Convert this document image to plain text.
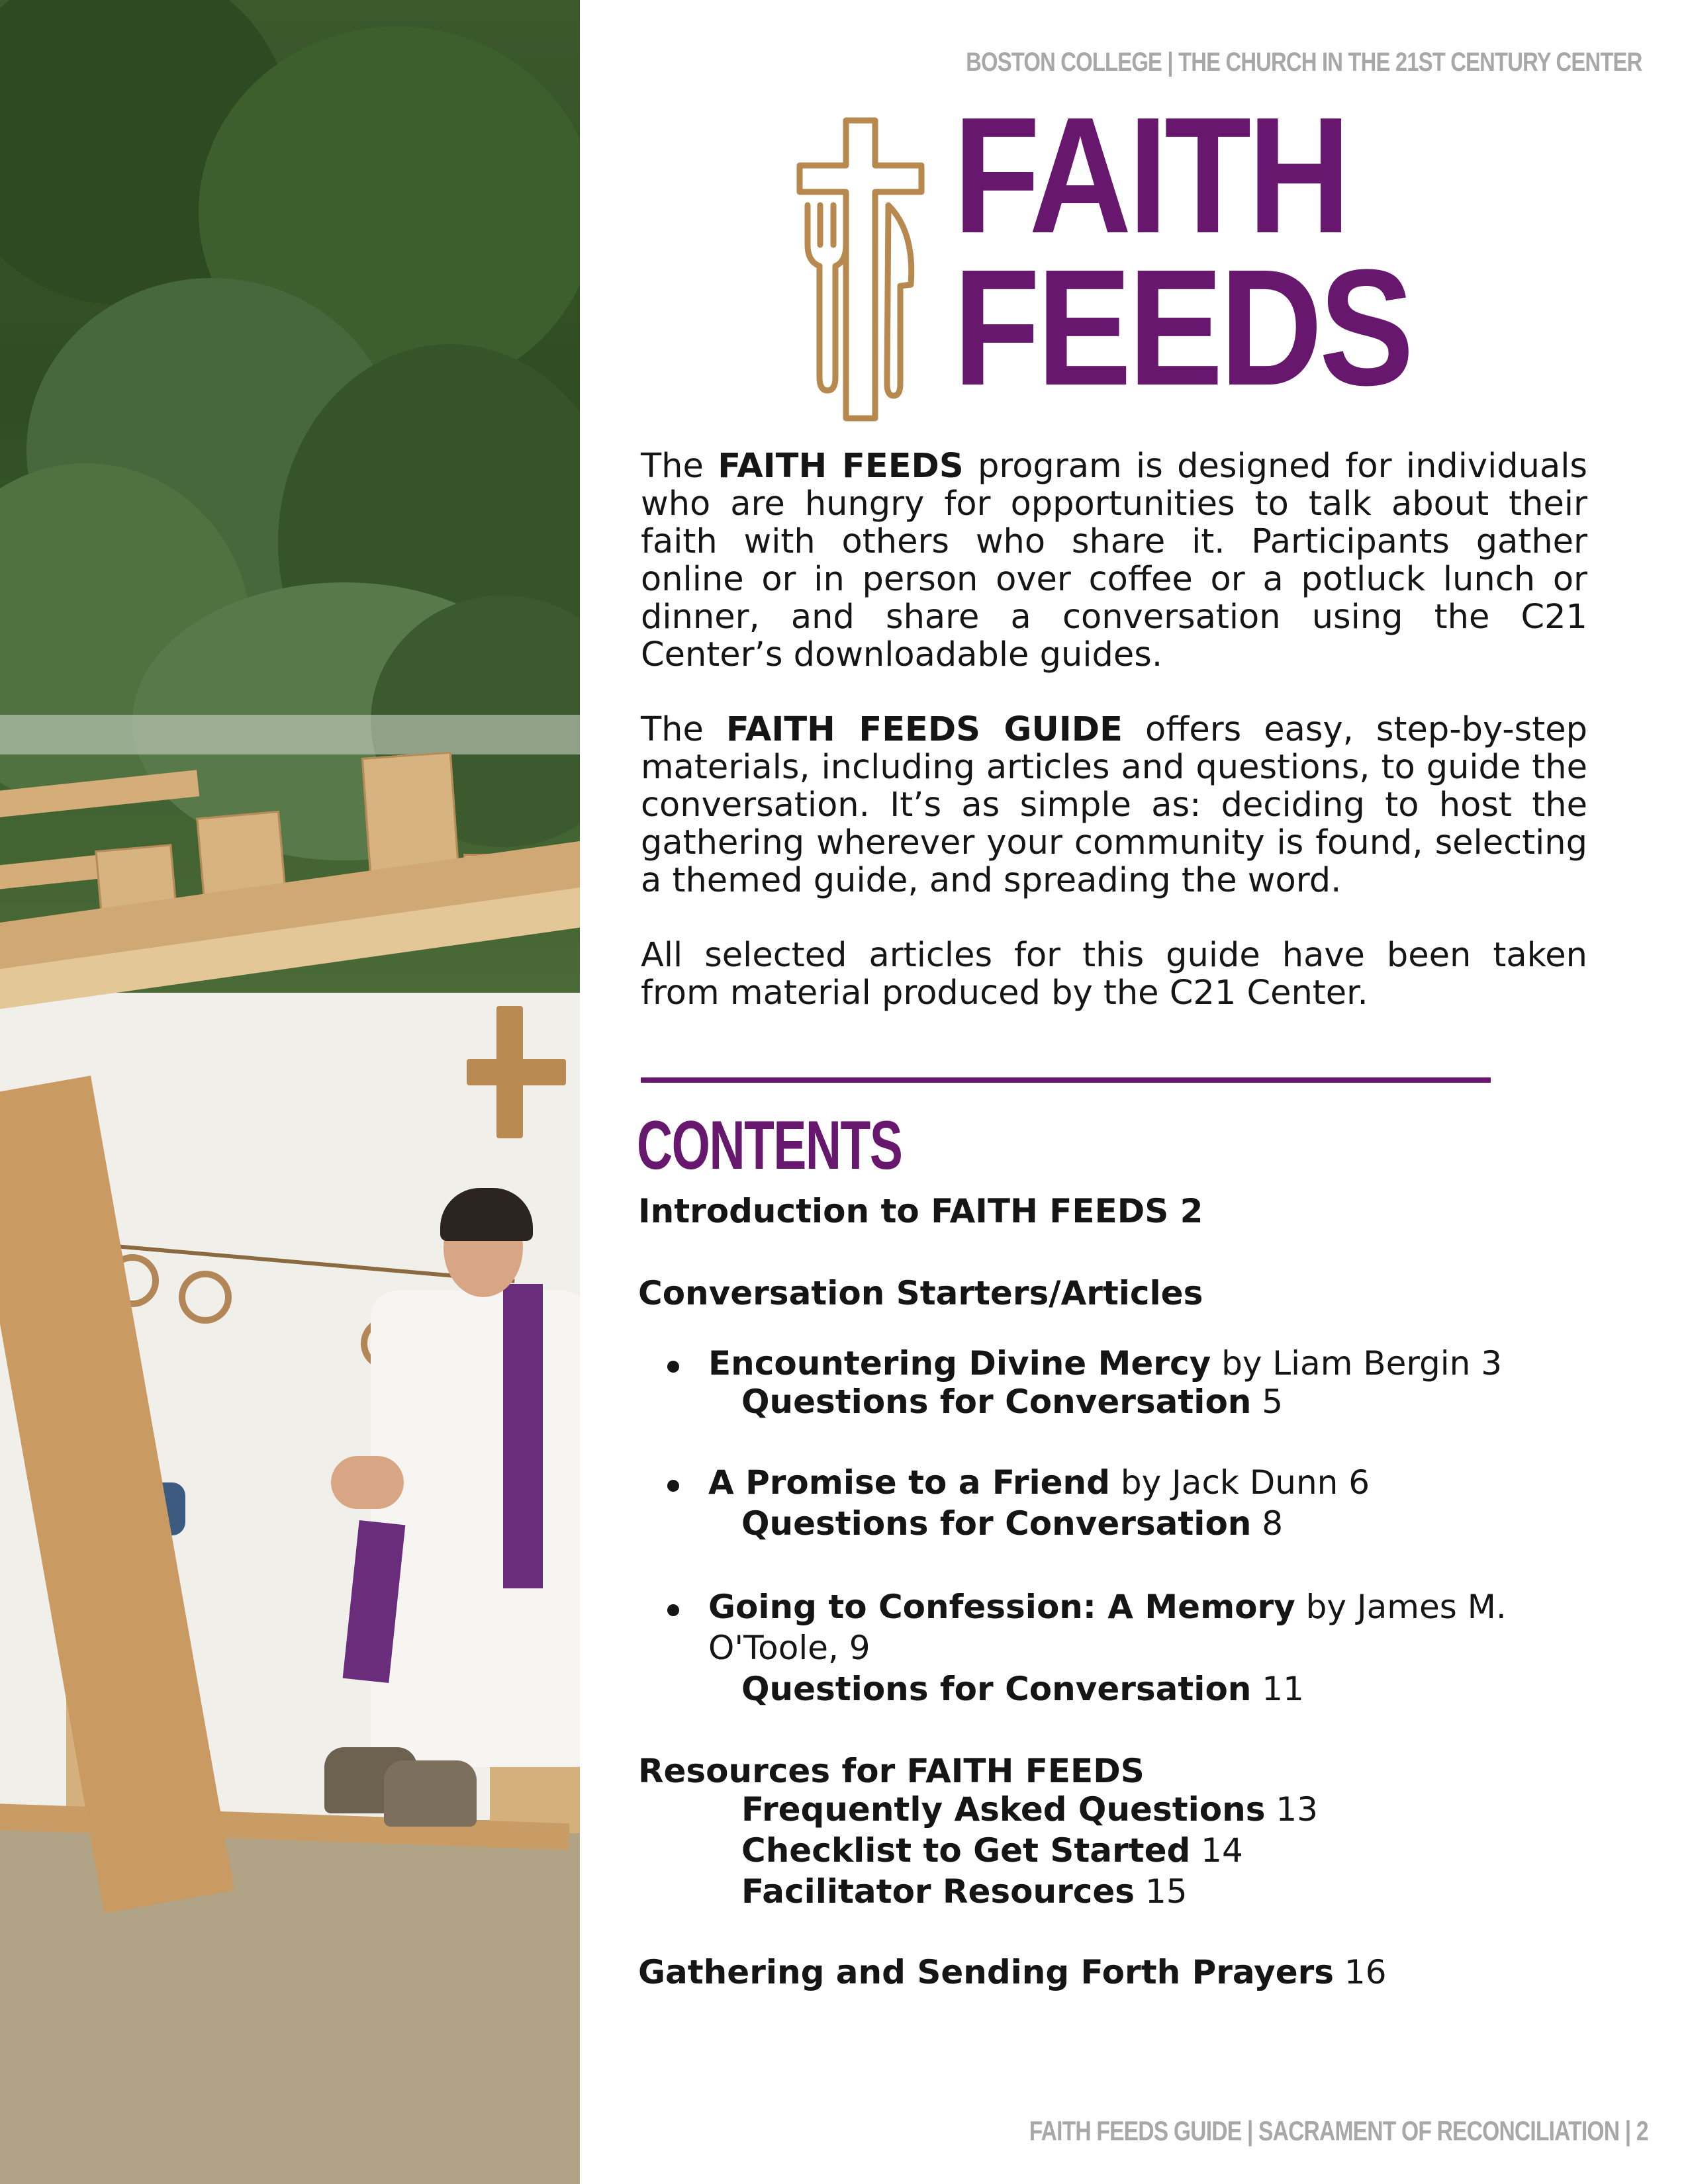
BOSTON COLLEGE | THE CHURCH IN THE 21ST CENTURY CENTER
FAITH
FEEDS

The FAITH FEEDS program is designed for individuals who are hungry for opportunities to talk about their faith with others who share it. Participants gather online or in person over coffee or a potluck lunch or dinner, and share a conversation using the C21 Center’s downloadable guides.

The FAITH FEEDS GUIDE offers easy, step-by-step materials, including articles and questions, to guide the conversation. It’s as simple as: deciding to host the gathering wherever your community is found, selecting a themed guide, and spreading the word.

All selected articles for this guide have been taken from material produced by the C21 Center.

CONTENTS
Introduction to FAITH FEEDS 2
Conversation Starters/Articles
Encountering Divine Mercy by Liam Bergin 3
Questions for Conversation 5
A Promise to a Friend by Jack Dunn 6
Questions for Conversation 8
Going to Confession: A Memory by James M.
O'Toole, 9
Questions for Conversation 11
Resources for FAITH FEEDS
Frequently Asked Questions 13
Checklist to Get Started 14
Facilitator Resources 15
Gathering and Sending Forth Prayers 16
FAITH FEEDS GUIDE | SACRAMENT OF RECONCILIATION | 2
